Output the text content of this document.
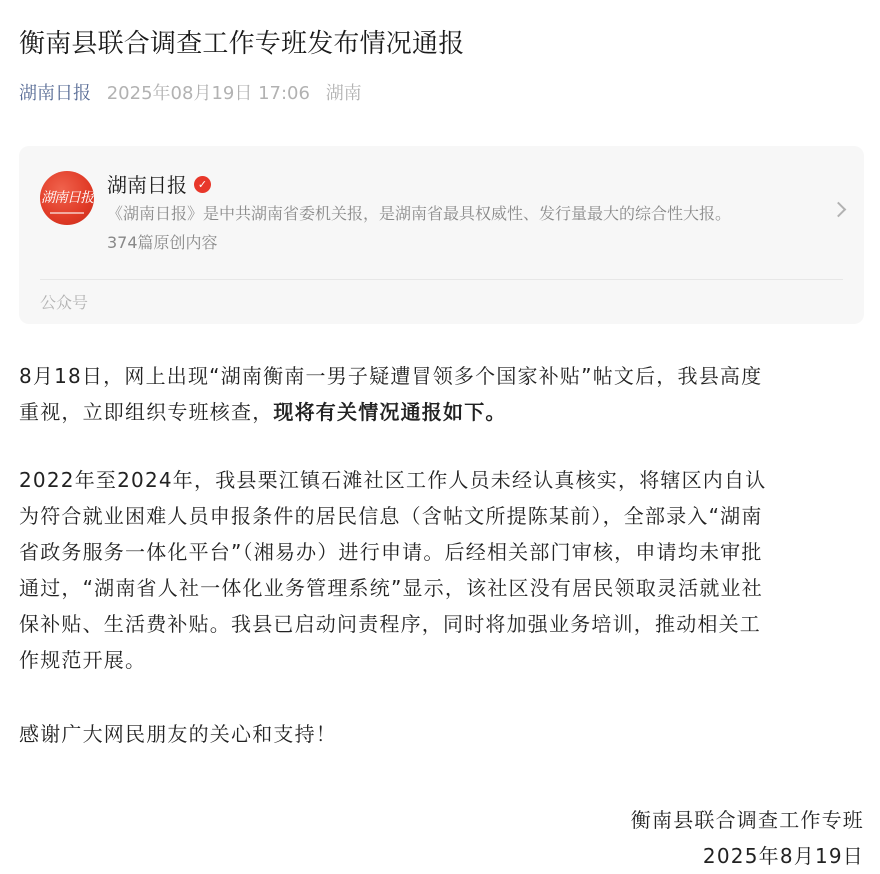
衡南县联合调查工作专班发布情况通报
湖南日报 2025年08月19日 17:06 湖南
湖南日报
湖南日报 ✓
《湖南日报》是中共湖南省委机关报，是湖南省最具权威性、发行量最大的综合性大报。
374篇原创内容
公众号
8月18日，网上出现“湖南衡南一男子疑遭冒领多个国家补贴”帖文后，我县高度
重视，立即组织专班核查，现将有关情况通报如下。
2022年至2024年，我县栗江镇石滩社区工作人员未经认真核实，将辖区内自认
为符合就业困难人员申报条件的居民信息（含帖文所提陈某前），全部录入“湖南
省政务服务一体化平台”（湘易办）进行申请。后经相关部门审核，申请均未审批
通过，“湖南省人社一体化业务管理系统”显示，该社区没有居民领取灵活就业社
保补贴、生活费补贴。我县已启动问责程序，同时将加强业务培训，推动相关工
作规范开展。
感谢广大网民朋友的关心和支持！
衡南县联合调查工作专班
2025年8月19日
